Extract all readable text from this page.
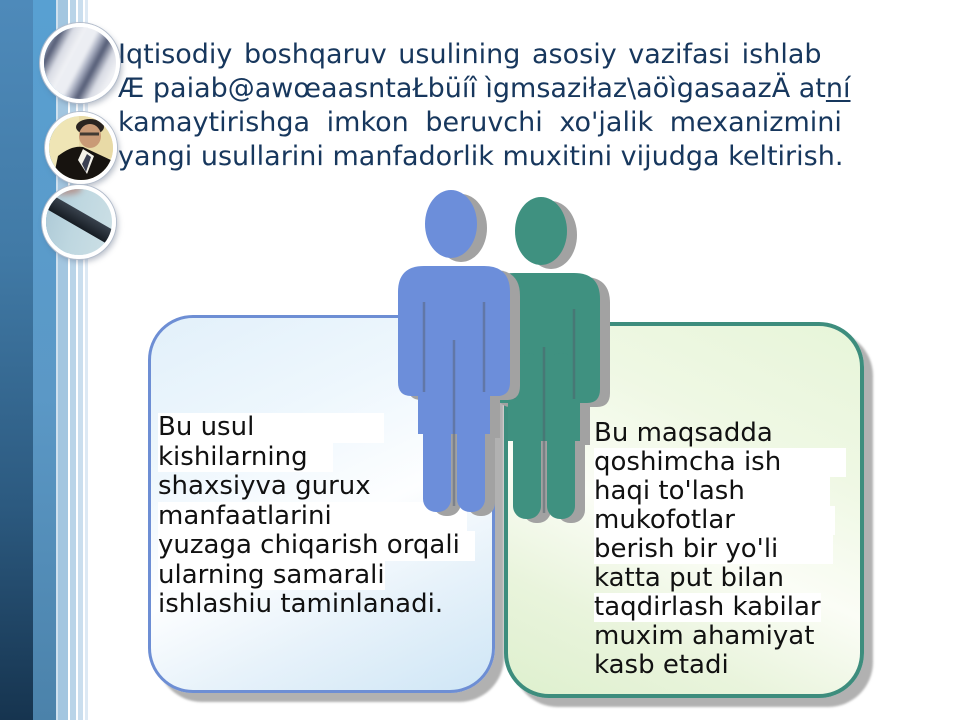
Iqtisodiy boshqaruv usulining asosiy vazifasi ishlab
Æ paiab@awœaasntaŁbüíî ìgmsaziłaz\aöìgasaazÄ atní
kamaytirishga imkon beruvchi xo'jalik mexanizmini
yangi usullarini manfadorlik muxitini vijudga keltirish.
Bu usul
kishilarning
shaxsiyva gurux
manfaatlarini
yuzaga chiqarish orqali
ularning samarali
ishlashiu taminlanadi.
Bu maqsadda
qoshimcha ish
haqi to'lash
mukofotlar
berish bir yo'li
katta put bilan
taqdirlash kabilar
muxim ahamiyat
kasb etadi
